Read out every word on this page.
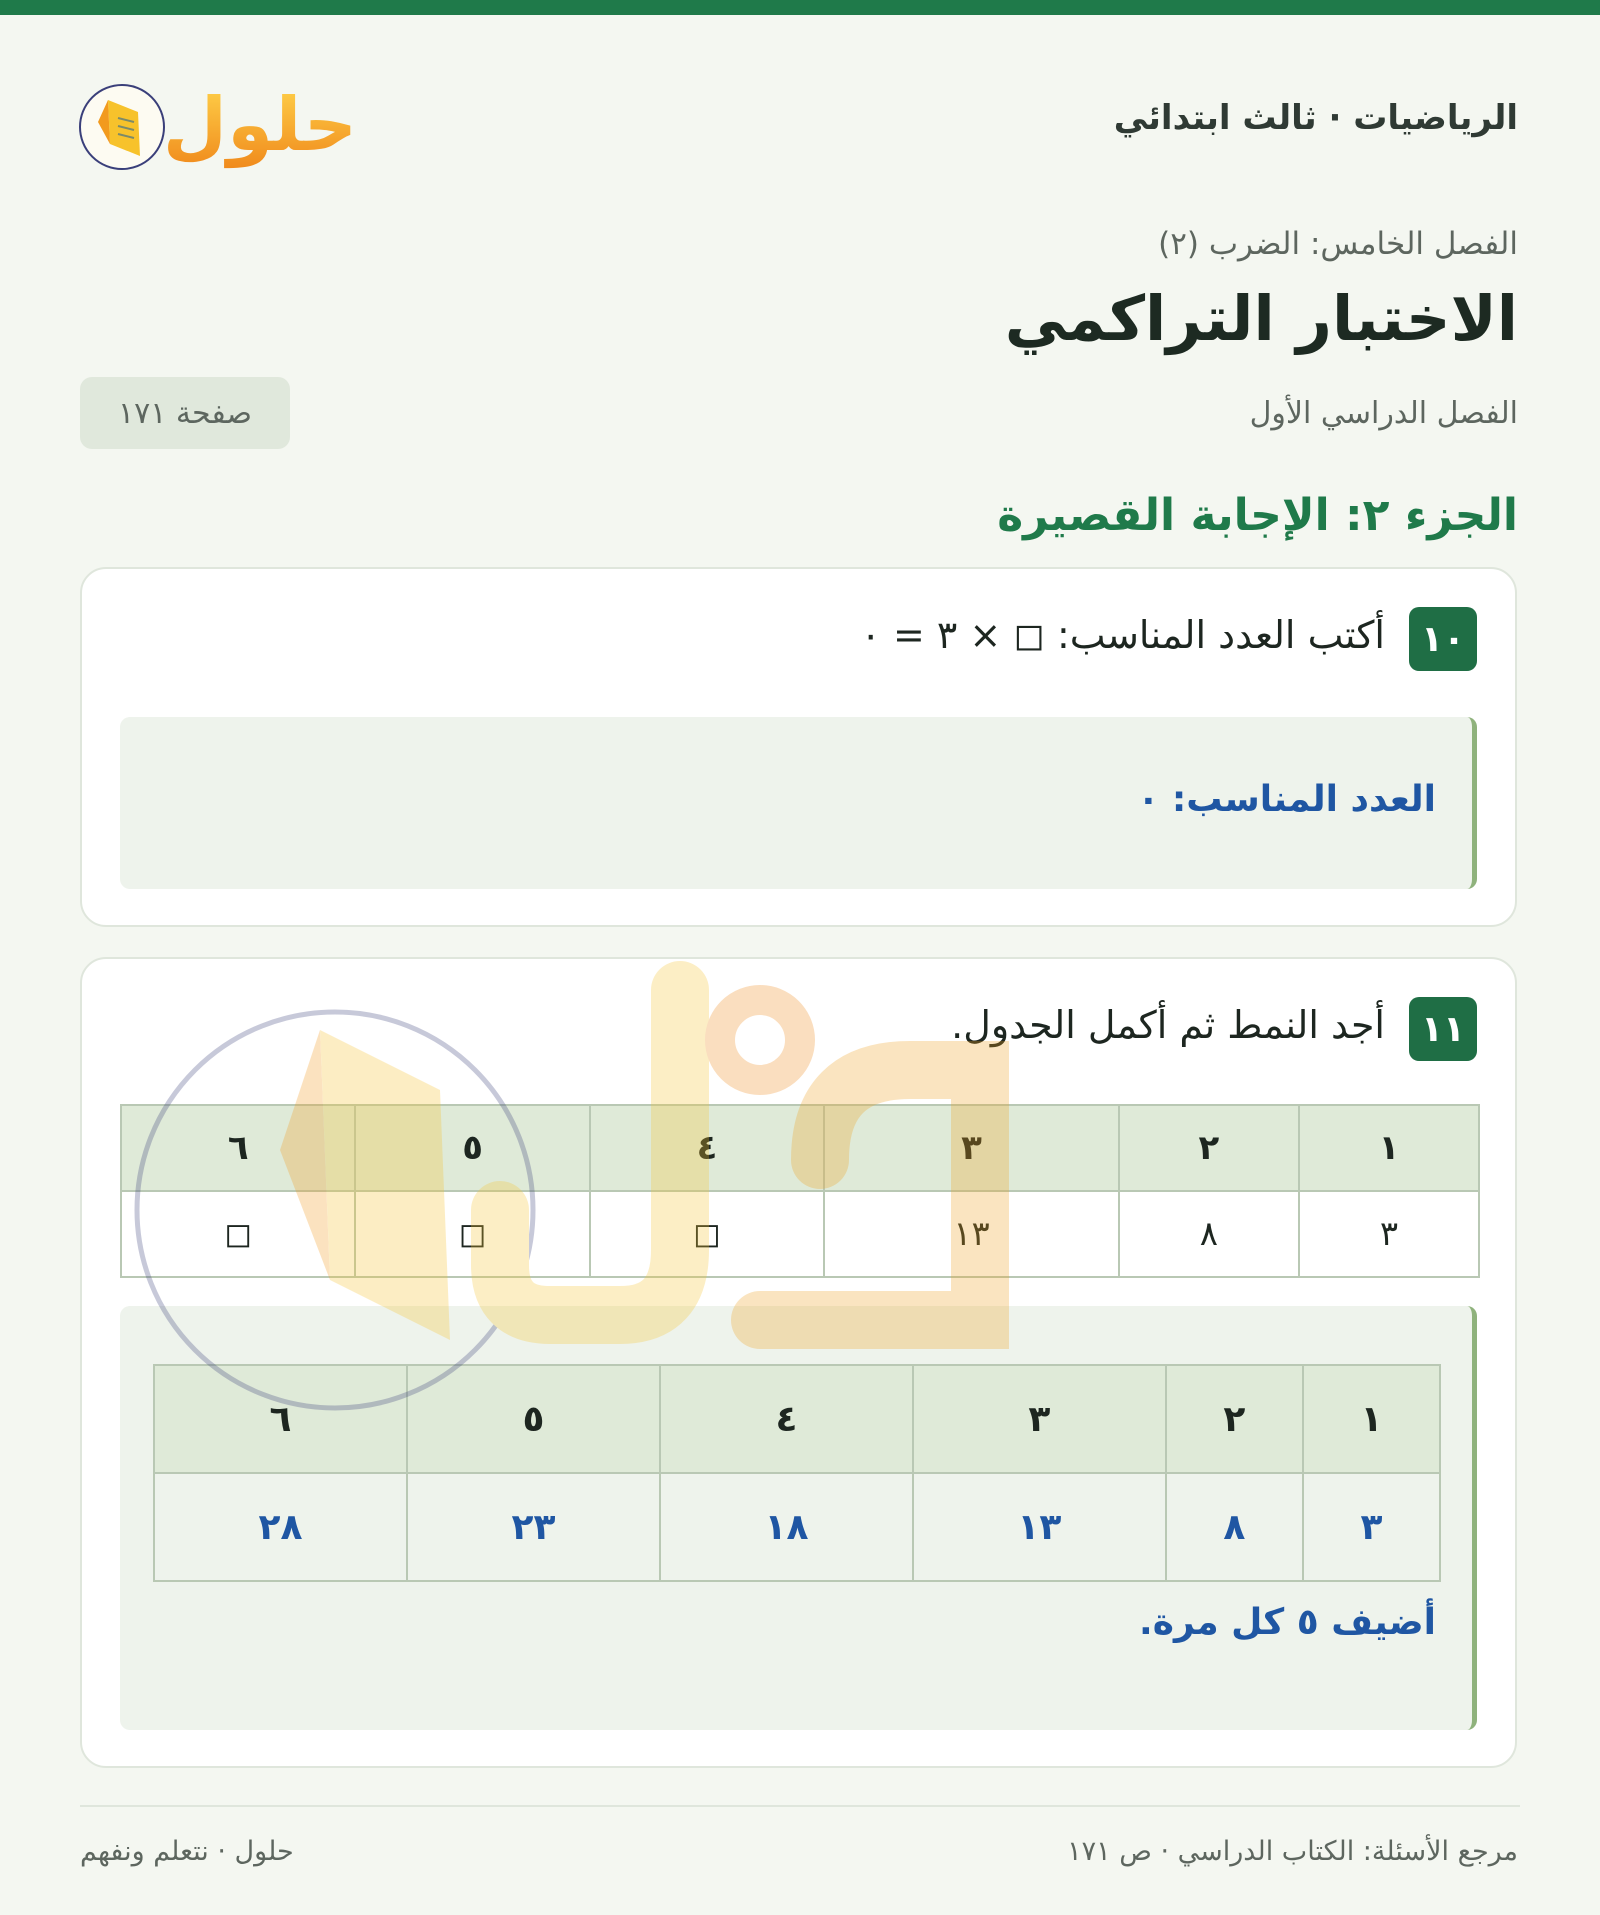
الرياضيات · ثالث ابتدائي
حلول
الفصل الخامس: الضرب (٢)
الاختبار التراكمي
الفصل الدراسي الأول
صفحة ١٧١
الجزء ٢: الإجابة القصيرة
١٠
أكتب العدد المناسب: ◻ × ٣ = ٠
العدد المناسب: ٠
١١
أجد النمط ثم أكمل الجدول.
١	٢	٣	٤	٥	٦
٣	٨	١٣	◻	◻	◻
١	٢	٣	٤	٥	٦
٣	٨	١٣	١٨	٢٣	٢٨
أضيف ٥ كل مرة.
مرجع الأسئلة: الكتاب الدراسي · ص ١٧١
حلول · نتعلم ونفهم
